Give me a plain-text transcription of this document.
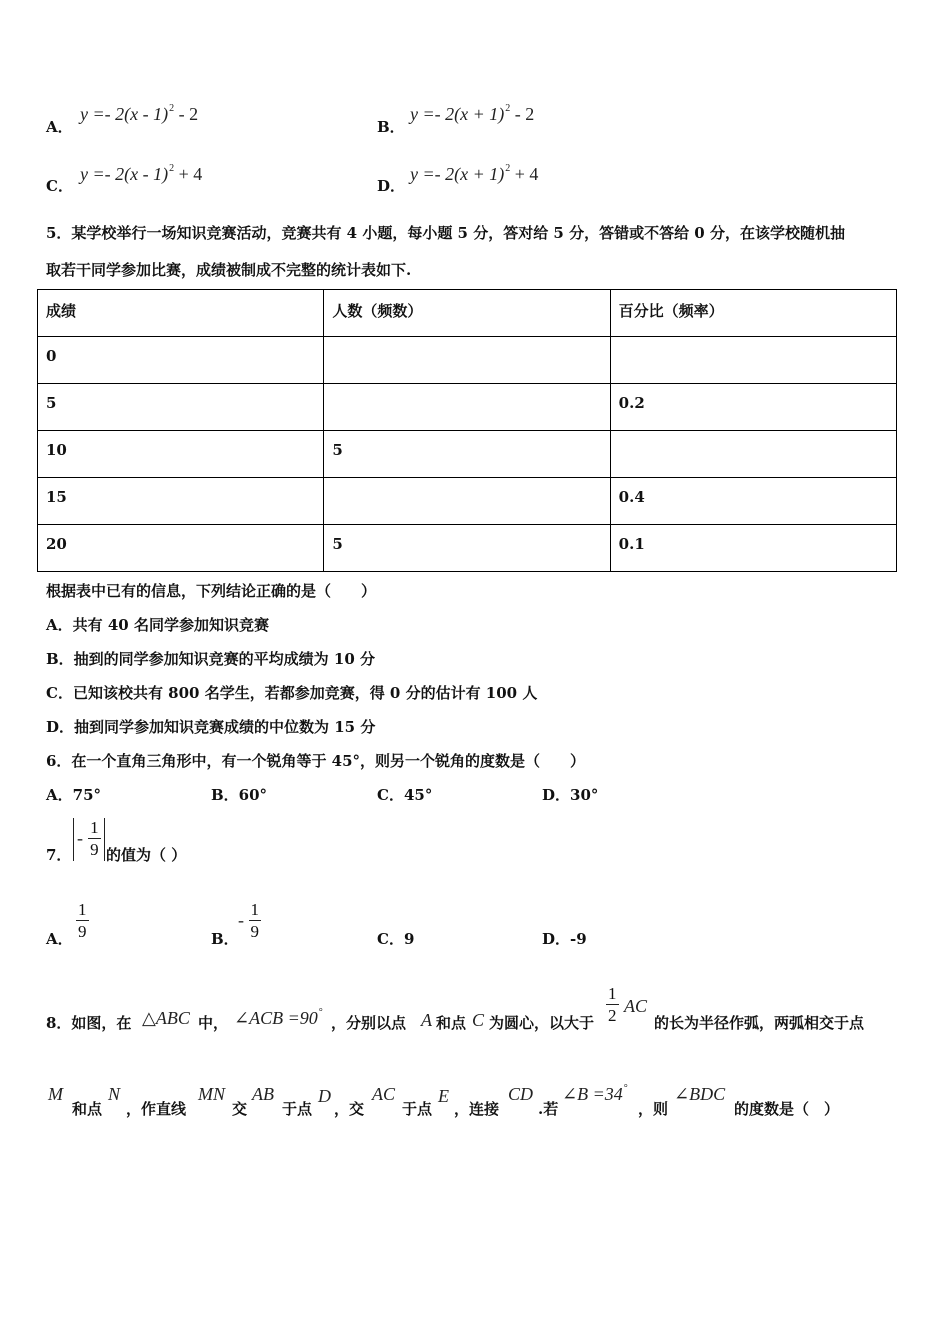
A．
y =- 2(x - 1)$^2$ - 2
B．
$y =- 2(x + 1)^2 - 2$
C．
y =- 2(x - 1)$^2$ + 4
D．
$y =- 2(x + 1)^2 + 4$
5．某学校举行一场知识竞赛活动，竞赛共有 4 小题，每小题 5 分，答对给 5 分，答错或不答给 0 分，在该学校随机抽
取若干同学参加比赛，成绩被制成不完整的统计表如下.
成绩	人数（频数）	百分比（频率）

0		

5		0.2

10	5	

15		0.4

20	5	0.1
根据表中已有的信息，下列结论正确的是（　　）
A．共有 40 名同学参加知识竞赛
B．抽到的同学参加知识竞赛的平均成绩为 10 分
C．已知该校共有 800 名学生，若都参加竞赛，得 0 分的估计有 100 人
D．抽到同学参加知识竞赛成绩的中位数为 15 分
6．在一个直角三角形中，有一个锐角等于 45°，则另一个锐角的度数是（　　）
A．75°	B．60°	C．45°	D．30°
7．
- $\frac{1}{9}$ 的值为（ ）
A． $\frac{1}{9}$	B．
- $\frac{1}{9}$	C．9	D．-9
8．如图，在 △ABC 中， ∠ACB =90°
，分别以点 A 和点 C 为圆心，以大于 $\frac{1}{2}$ AC
的长为半径作弧，两弧相交于点
M
和点
N
，作直线
MN
交
AB
于点
D
，交
AC
于点
E
，连接
CD
.若
∠B =34°
，则
∠BDC
的度数是（　）
